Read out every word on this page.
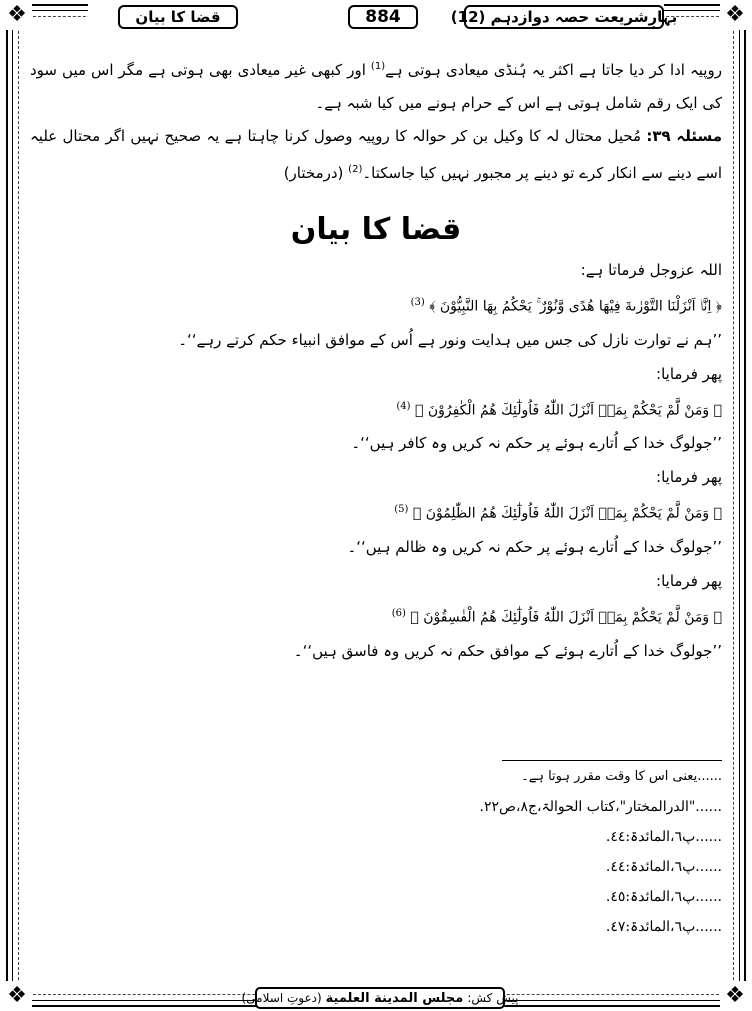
❖	❖
❖	❖
بہارِشریعت حصہ دوازدہم (12)
884
قضا کا بیان

روپیہ ادا کر دیا جاتا ہے اکثر یہ ہُنڈی میعادی ہوتی ہے$^{(1)}$ اور کبھی غیر میعادی بھی ہوتی ہے مگر اس میں سود کی ایک رقم شامل ہوتی ہے اس کے حرام ہونے میں کیا شبہ ہے۔

مسئلہ ۳۹: مُحیل محتال لہ کا وکیل بن کر حوالہ کا روپیہ وصول کرنا چاہتا ہے یہ صحیح نہیں اگر محتال علیہ اسے دینے سے انکار کرے تو دینے پر مجبور نہیں کیا جاسکتا۔$^{(2)}$ (درمختار)

قضا کا بیان

اللہ عزوجل فرماتا ہے:

﴿ اِنَّاۤ اَنْزَلْنَا التَّوْرٰىةَ فِيْهَا هُدًى وَّنُوْرٌ ۚ يَحْكُمُ بِهَا النَّبِيُّوْنَ ﴾ $^{(3)}$

’’ہم نے توارت نازل کی جس میں ہدایت ونور ہے اُس کے موافق انبیاء حکم کرتے رہے‘‘۔

پھر فرمایا:

﴿ وَمَنْ لَّمْ يَحْكُمْ بِمَاۤ اَنْزَلَ اللّٰهُ فَاُولٰٓئِكَ هُمُ الْكٰفِرُوْنَ ﴾ $^{(4)}$

’’جولوگ خدا کے اُتارے ہوئے پر حکم نہ کریں وہ کافر ہیں‘‘۔

پھر فرمایا:

﴿ وَمَنْ لَّمْ يَحْكُمْ بِمَاۤ اَنْزَلَ اللّٰهُ فَاُولٰٓئِكَ هُمُ الظّٰلِمُوْنَ ﴾ $^{(5)}$

’’جولوگ خدا کے اُتارے ہوئے پر حکم نہ کریں وہ ظالم ہیں‘‘۔

پھر فرمایا:

﴿ وَمَنْ لَّمْ يَحْكُمْ بِمَاۤ اَنْزَلَ اللّٰهُ فَاُولٰٓئِكَ هُمُ الْفٰسِقُوْنَ ﴾ $^{(6)}$

’’جولوگ خدا کے اُتارے ہوئے کے موافق حکم نہ کریں وہ فاسق ہیں‘‘۔

......یعنی اس کا وقت مقرر ہوتا ہے۔

......"الدرالمختار"،کتاب الحوالۃ،ج۸،ص۲۲.

......پ٦،المائدۃ:٤٤.

......پ٦،المائدۃ:٤٤.

......پ٦،المائدۃ:٤٥.

......پ٦،المائدۃ:٤٧.

پیش کش:
مجلس المدینة العلمیة
(دعوتِ اسلامی)
